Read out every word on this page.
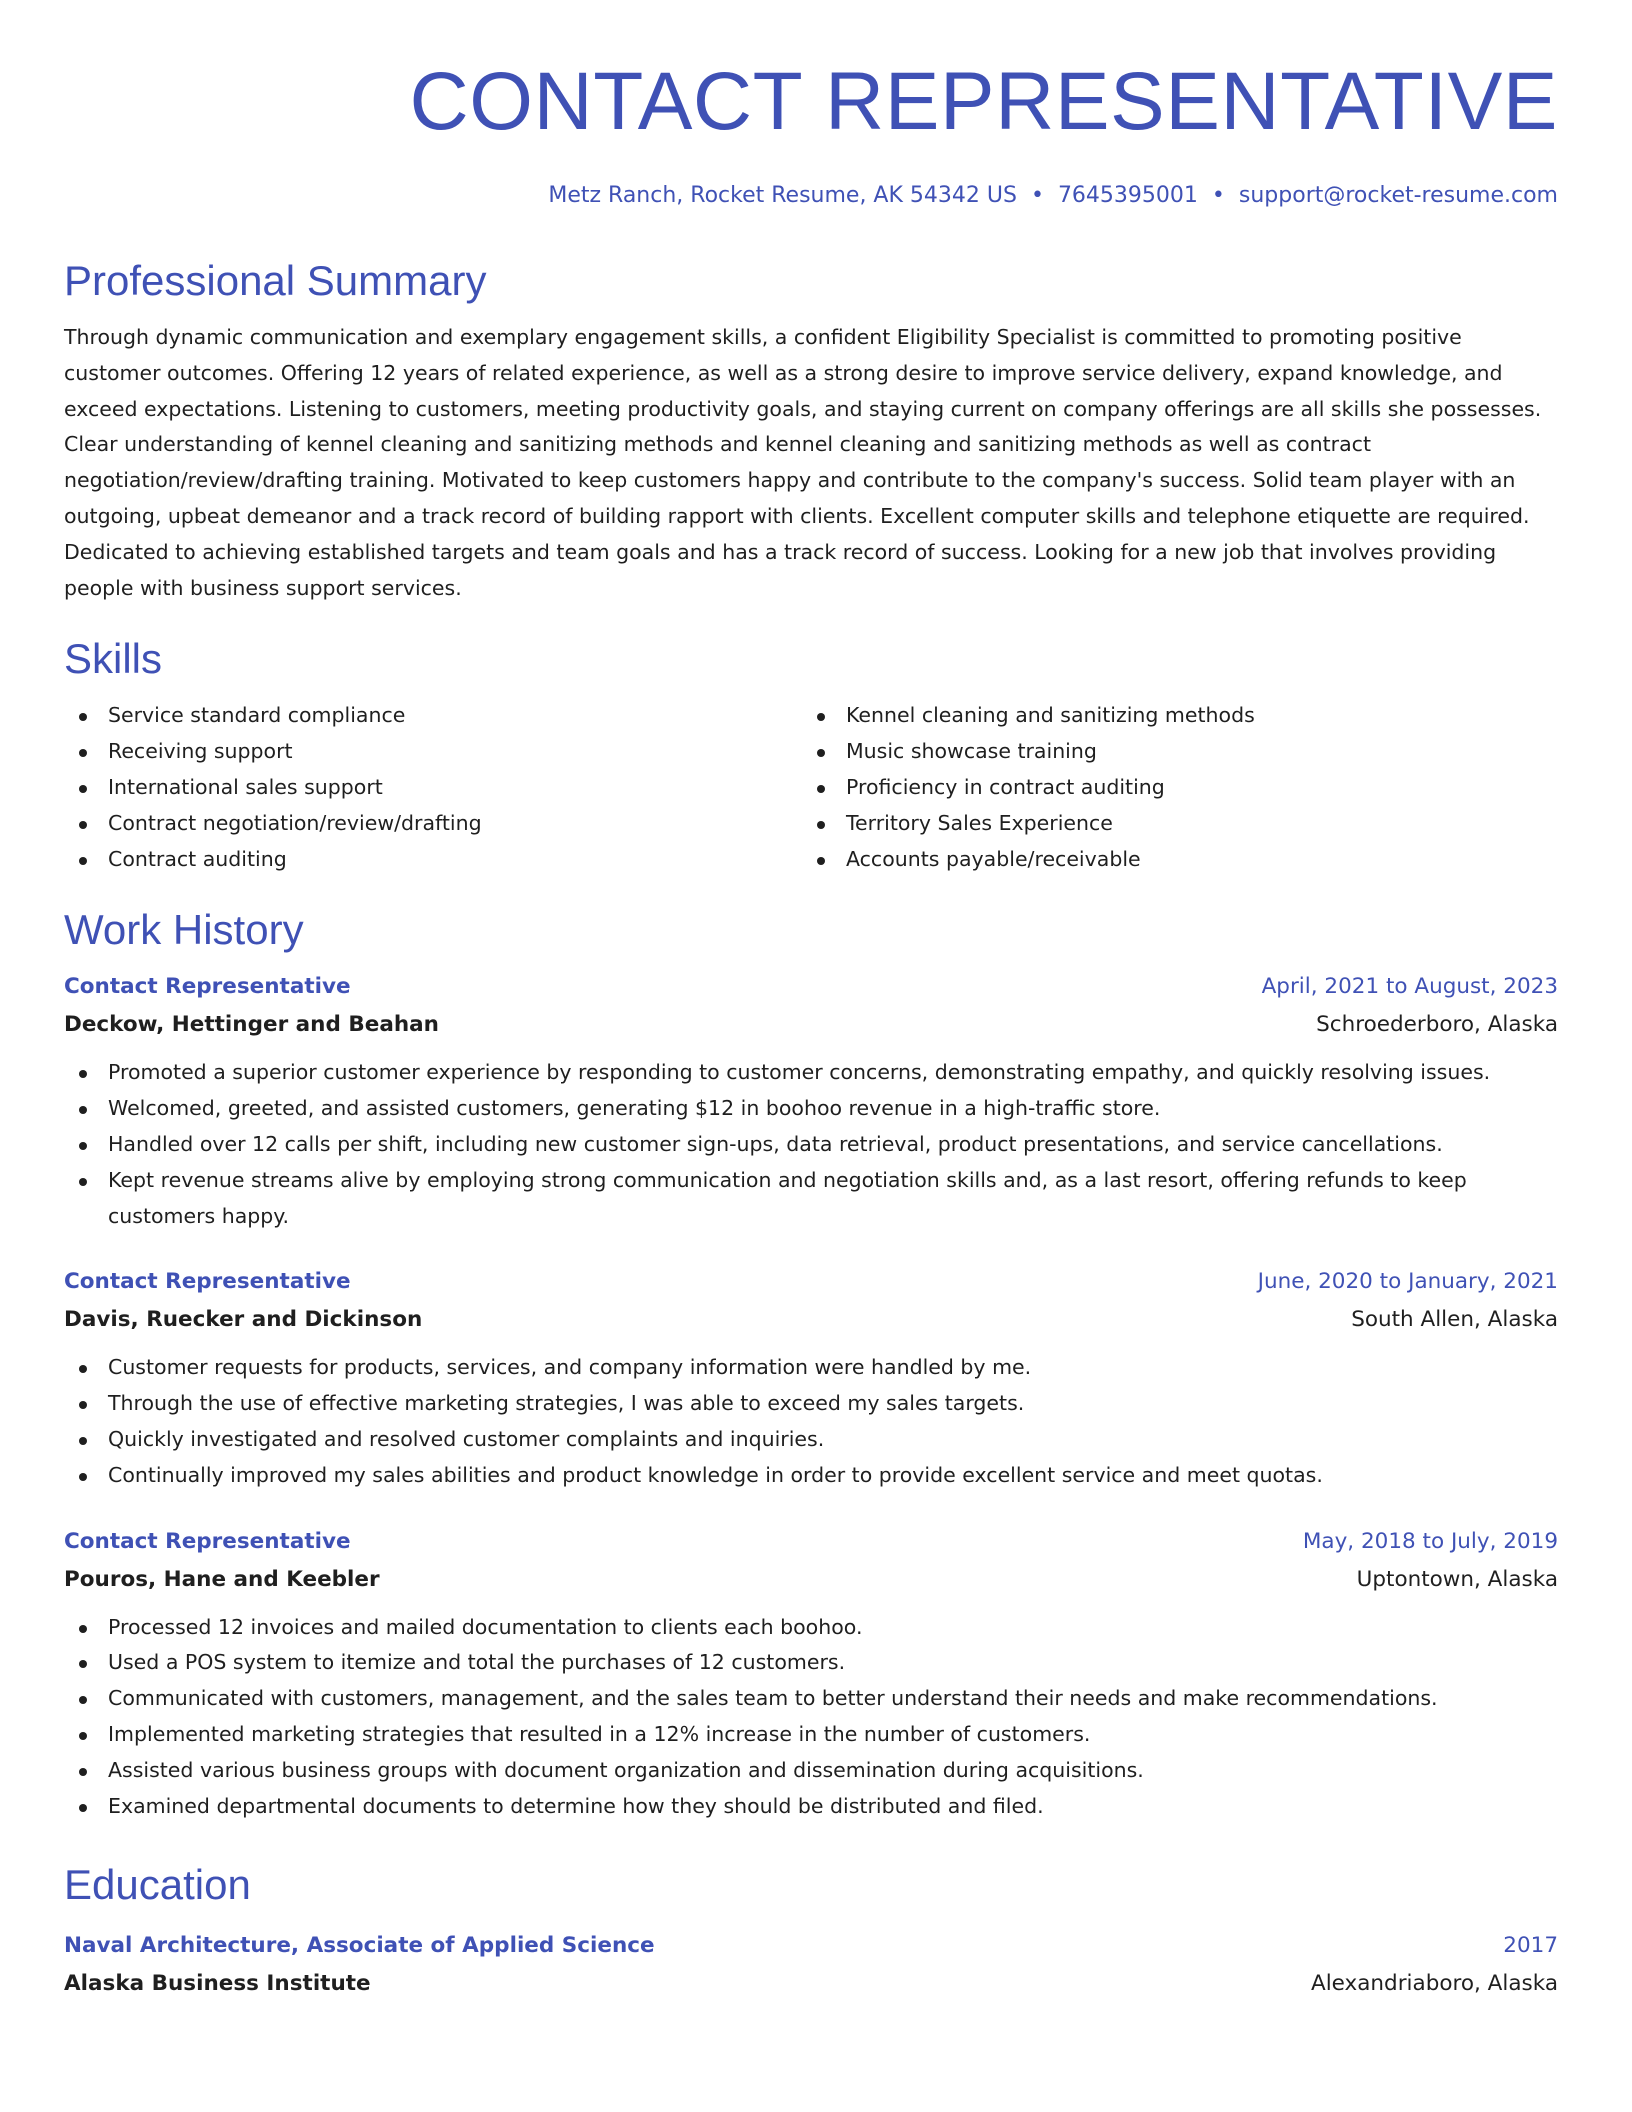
CONTACT REPRESENTATIVE
Metz Ranch, Rocket Resume, AK 54342 US • 7645395001 • support@rocket-resume.com
Professional Summary
Through dynamic communication and exemplary engagement skills, a confident Eligibility Specialist is committed to promoting positive customer outcomes. Offering 12 years of related experience, as well as a strong desire to improve service delivery, expand knowledge, and exceed expectations. Listening to customers, meeting productivity goals, and staying current on company offerings are all skills she possesses. Clear understanding of kennel cleaning and sanitizing methods and kennel cleaning and sanitizing methods as well as contract negotiation/review/drafting training. Motivated to keep customers happy and contribute to the company's success. Solid team player with an outgoing, upbeat demeanor and a track record of building rapport with clients. Excellent computer skills and telephone etiquette are required. Dedicated to achieving established targets and team goals and has a track record of success. Looking for a new job that involves providing people with business support services.
Skills
Service standard compliance
Receiving support
International sales support
Contract negotiation/review/drafting
Contract auditing
Kennel cleaning and sanitizing methods
Music showcase training
Proficiency in contract auditing
Territory Sales Experience
Accounts payable/receivable
Work History
Contact Representative	April, 2021 to August, 2023
Deckow, Hettinger and Beahan	Schroederboro, Alaska
Promoted a superior customer experience by responding to customer concerns, demonstrating empathy, and quickly resolving issues.
Welcomed, greeted, and assisted customers, generating $12 in boohoo revenue in a high-traffic store.
Handled over 12 calls per shift, including new customer sign-ups, data retrieval, product presentations, and service cancellations.
Kept revenue streams alive by employing strong communication and negotiation skills and, as a last resort, offering refunds to keep customers happy.
Contact Representative	June, 2020 to January, 2021
Davis, Ruecker and Dickinson	South Allen, Alaska
Customer requests for products, services, and company information were handled by me.
Through the use of effective marketing strategies, I was able to exceed my sales targets.
Quickly investigated and resolved customer complaints and inquiries.
Continually improved my sales abilities and product knowledge in order to provide excellent service and meet quotas.
Contact Representative	May, 2018 to July, 2019
Pouros, Hane and Keebler	Uptontown, Alaska
Processed 12 invoices and mailed documentation to clients each boohoo.
Used a POS system to itemize and total the purchases of 12 customers.
Communicated with customers, management, and the sales team to better understand their needs and make recommendations.
Implemented marketing strategies that resulted in a 12% increase in the number of customers.
Assisted various business groups with document organization and dissemination during acquisitions.
Examined departmental documents to determine how they should be distributed and filed.
Education
Naval Architecture, Associate of Applied Science	2017
Alaska Business Institute	Alexandriaboro, Alaska
